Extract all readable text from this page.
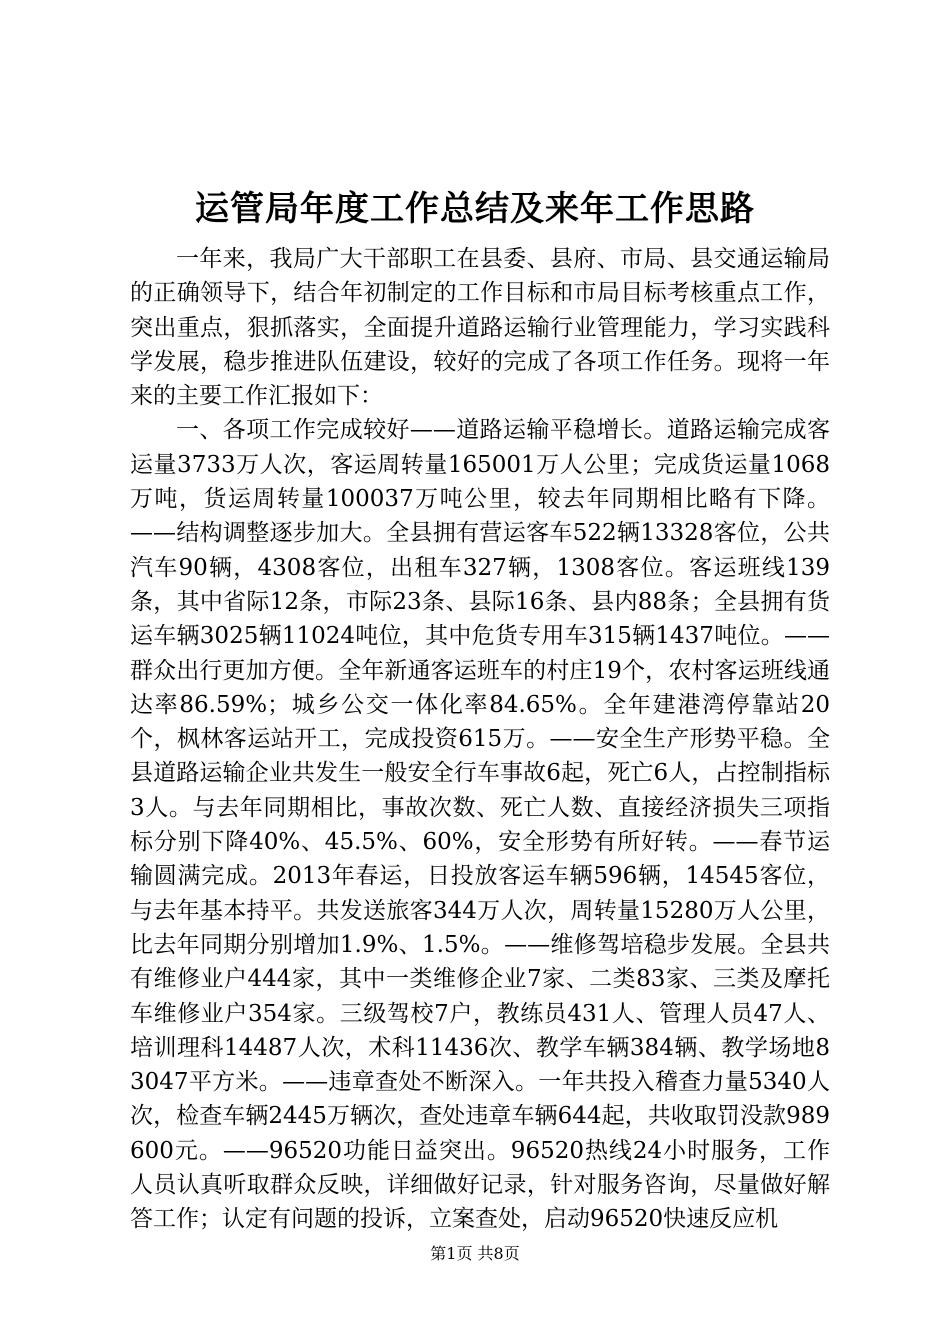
运管局年度工作总结及来年工作思路

一年来，我局广大干部职工在县委、县府、市局、县交通运输局的正确领导下，结合年初制定的工作目标和市局目标考核重点工作，突出重点，狠抓落实，全面提升道路运输行业管理能力，学习实践科学发展，稳步推进队伍建设，较好的完成了各项工作任务。现将一年来的主要工作汇报如下：

一、各项工作完成较好——道路运输平稳增长。道路运输完成客运量3733万人次，客运周转量165001万人公里；完成货运量1068万吨，货运周转量100037万吨公里，较去年同期相比略有下降。——结构调整逐步加大。全县拥有营运客车522辆13328客位，公共汽车90辆，4308客位，出租车327辆，1308客位。客运班线139条，其中省际12条，市际23条、县际16条、县内88条；全县拥有货运车辆3025辆11024吨位，其中危货专用车315辆1437吨位。——群众出行更加方便。全年新通客运班车的村庄19个，农村客运班线通达率86.59%；城乡公交一体化率84.65%。全年建港湾停靠站20个，枫林客运站开工，完成投资615万。——安全生产形势平稳。全县道路运输企业共发生一般安全行车事故6起，死亡6人，占控制指标3人。与去年同期相比，事故次数、死亡人数、直接经济损失三项指标分别下降40%、45.5%、60%，安全形势有所好转。——春节运输圆满完成。2013年春运，日投放客运车辆596辆，14545客位，与去年基本持平。共发送旅客344万人次，周转量15280万人公里，比去年同期分别增加1.9%、1.5%。——维修驾培稳步发展。全县共有维修业户444家，其中一类维修企业7家、二类83家、三类及摩托车维修业户354家。三级驾校7户，教练员431人、管理人员47人、培训理科14487人次，术科11436次、教学车辆384辆、教学场地83047平方米。——违章查处不断深入。一年共投入稽查力量5340人次，检查车辆2445万辆次，查处违章车辆644起，共收取罚没款989600元。——96520功能日益突出。96520热线24小时服务，工作人员认真听取群众反映，详细做好记录，针对服务咨询，尽量做好解答工作；认定有问题的投诉，立案查处，启动96520快速反应机

第1页 共8页
